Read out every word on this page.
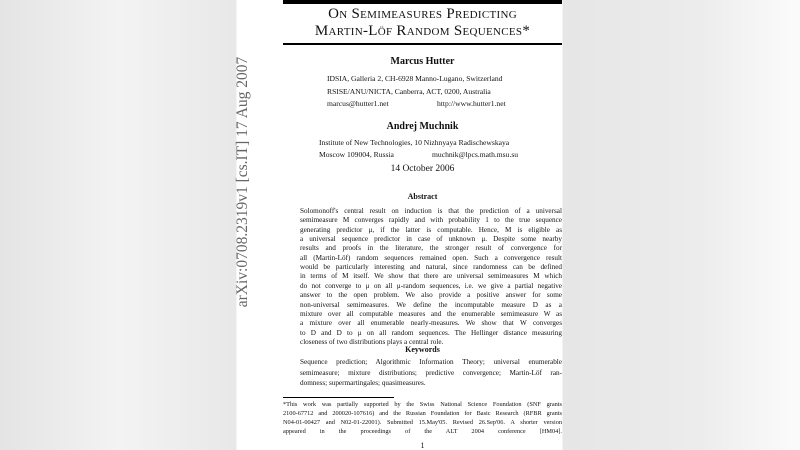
arXiv:0708.2319v1 [cs.IT] 17 Aug 2007
On Semimeasures Predicting
Martin-Löf Random Sequences*
Marcus Hutter
IDSIA, Galleria 2, CH-6928 Manno-Lugano, Switzerland
RSISE/ANU/NICTA, Canberra, ACT, 0200, Australia
marcus@hutter1.net	http://www.hutter1.net
Andrej Muchnik
Institute of New Technologies, 10 Nizhnyaya Radischewskaya
Moscow 109004, Russia	muchnik@lpcs.math.msu.su
14 October 2006
Abstract
Solomonoff's central result on induction is that the prediction of a universal
semimeasure M converges rapidly and with probability 1 to the true sequence
generating predictor μ, if the latter is computable. Hence, M is eligible as
a universal sequence predictor in case of unknown μ. Despite some nearby
results and proofs in the literature, the stronger result of convergence for
all (Martin-Löf) random sequences remained open. Such a convergence result
would be particularly interesting and natural, since randomness can be defined
in terms of M itself. We show that there are universal semimeasures M which
do not converge to μ on all μ-random sequences, i.e. we give a partial negative
answer to the open problem. We also provide a positive answer for some
non-universal semimeasures. We define the incomputable measure D as a
mixture over all computable measures and the enumerable semimeasure W as
a mixture over all enumerable nearly-measures. We show that W converges
to D and D to μ on all random sequences. The Hellinger distance measuring
closeness of two distributions plays a central role.
Keywords
Sequence prediction; Algorithmic Information Theory; universal enumerable
semimeasure; mixture distributions; predictive convergence; Martin-Löf ran-
domness; supermartingales; quasimeasures.
*This work was partially supported by the Swiss National Science Foundation (SNF grants
2100-67712 and 200020-107616) and the Russian Foundation for Basic Research (RFBR grants
N04-01-00427 and N02-01-22001). Submitted 15.May'05. Revised 26.Sep'06. A shorter version
appeared in the proceedings of the ALT 2004 conference [HM04].
1
